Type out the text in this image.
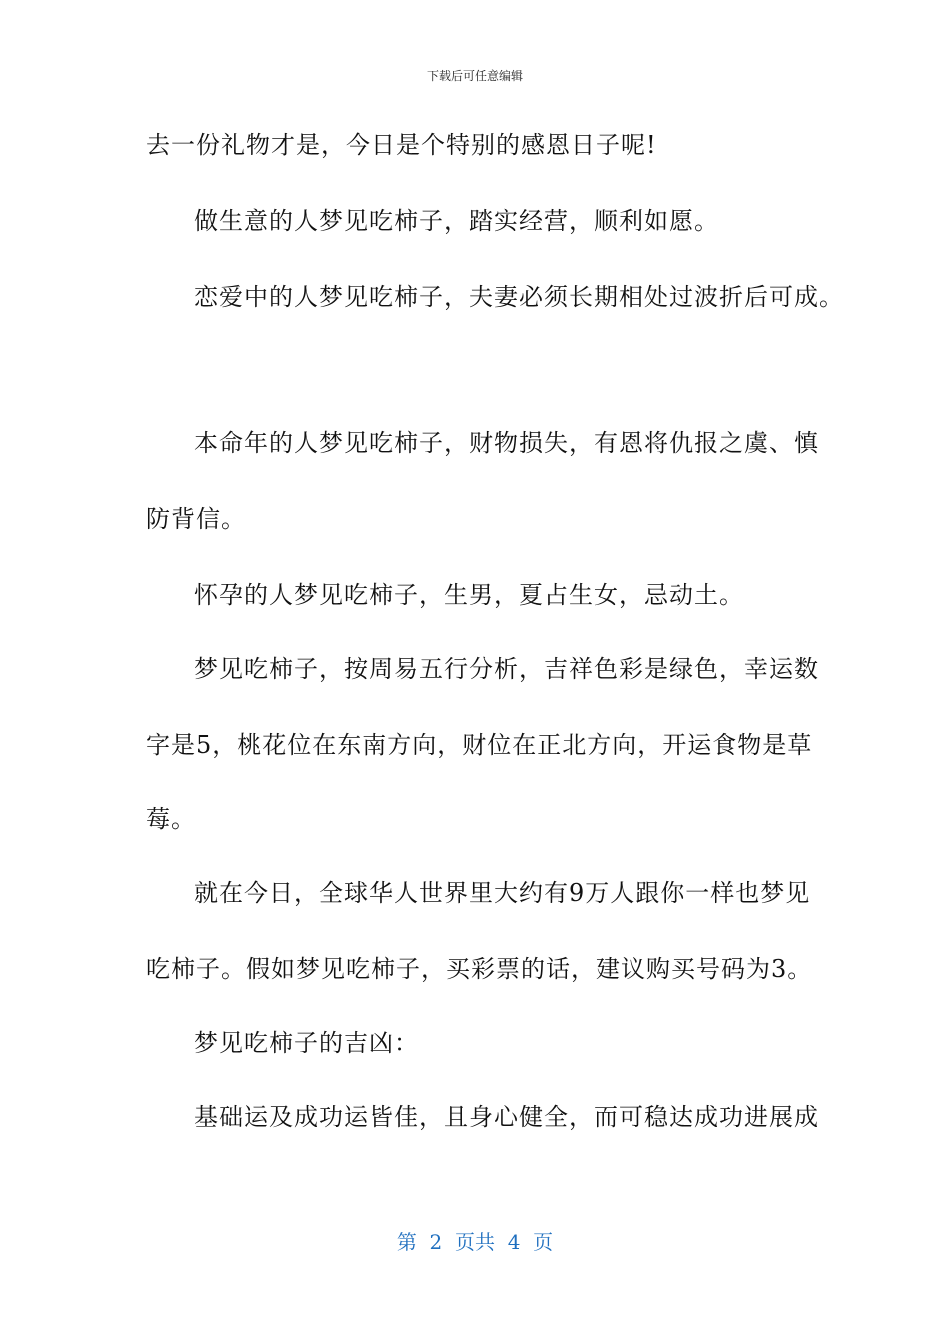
下载后可任意编辑
去一份礼物才是，今日是个特别的感恩日子呢!
做生意的人梦见吃柿子，踏实经营，顺利如愿。
恋爱中的人梦见吃柿子，夫妻必须长期相处过波折后可成。
本命年的人梦见吃柿子，财物损失，有恩将仇报之虞、慎
防背信。
怀孕的人梦见吃柿子，生男，夏占生女，忌动土。
梦见吃柿子，按周易五行分析，吉祥色彩是绿色，幸运数
字是5，桃花位在东南方向，财位在正北方向，开运食物是草
莓。
就在今日，全球华人世界里大约有9万人跟你一样也梦见
吃柿子。假如梦见吃柿子，买彩票的话，建议购买号码为3。
梦见吃柿子的吉凶：
基础运及成功运皆佳，且身心健全，而可稳达成功进展成
第  2  页共  4  页
